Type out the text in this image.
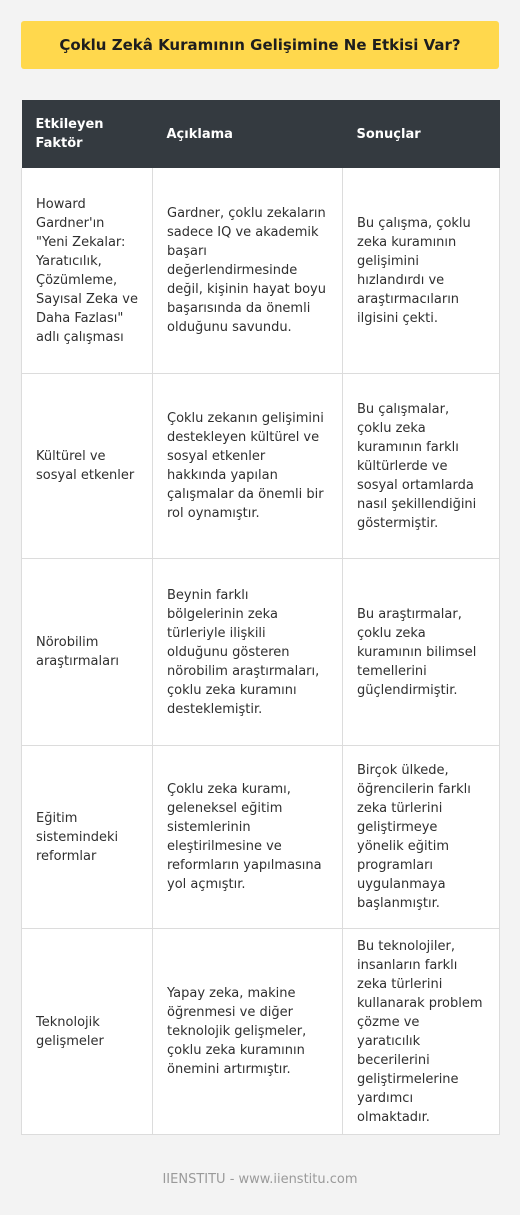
Çoklu Zekâ Kuramının Gelişimine Ne Etkisi Var?
Etkileyen Faktör	Açıklama	Sonuçlar
Howard Gardner'ın "Yeni Zekalar: Yaratıcılık, Çözümleme, Sayısal Zeka ve Daha Fazlası" adlı çalışması	Gardner, çoklu zekaların sadece IQ ve akademik başarı değerlendirmesinde değil, kişinin hayat boyu başarısında da önemli olduğunu savundu.	Bu çalışma, çoklu zeka kuramının gelişimini hızlandırdı ve araştırmacıların ilgisini çekti.
Kültürel ve sosyal etkenler	Çoklu zekanın gelişimini destekleyen kültürel ve sosyal etkenler hakkında yapılan çalışmalar da önemli bir rol oynamıştır.	Bu çalışmalar, çoklu zeka kuramının farklı kültürlerde ve sosyal ortamlarda nasıl şekillendiğini göstermiştir.
Nörobilim araştırmaları	Beynin farklı bölgelerinin zeka türleriyle ilişkili olduğunu gösteren nörobilim araştırmaları, çoklu zeka kuramını desteklemiştir.	Bu araştırmalar, çoklu zeka kuramının bilimsel temellerini güçlendirmiştir.
Eğitim sistemindeki reformlar	Çoklu zeka kuramı, geleneksel eğitim sistemlerinin eleştirilmesine ve reformların yapılmasına yol açmıştır.	Birçok ülkede, öğrencilerin farklı zeka türlerini geliştirmeye yönelik eğitim programları uygulanmaya başlanmıştır.
Teknolojik gelişmeler	Yapay zeka, makine öğrenmesi ve diğer teknolojik gelişmeler, çoklu zeka kuramının önemini artırmıştır.	Bu teknolojiler, insanların farklı zeka türlerini kullanarak problem çözme ve yaratıcılık becerilerini geliştirmelerine yardımcı olmaktadır.
IIENSTITU - www.iienstitu.com
